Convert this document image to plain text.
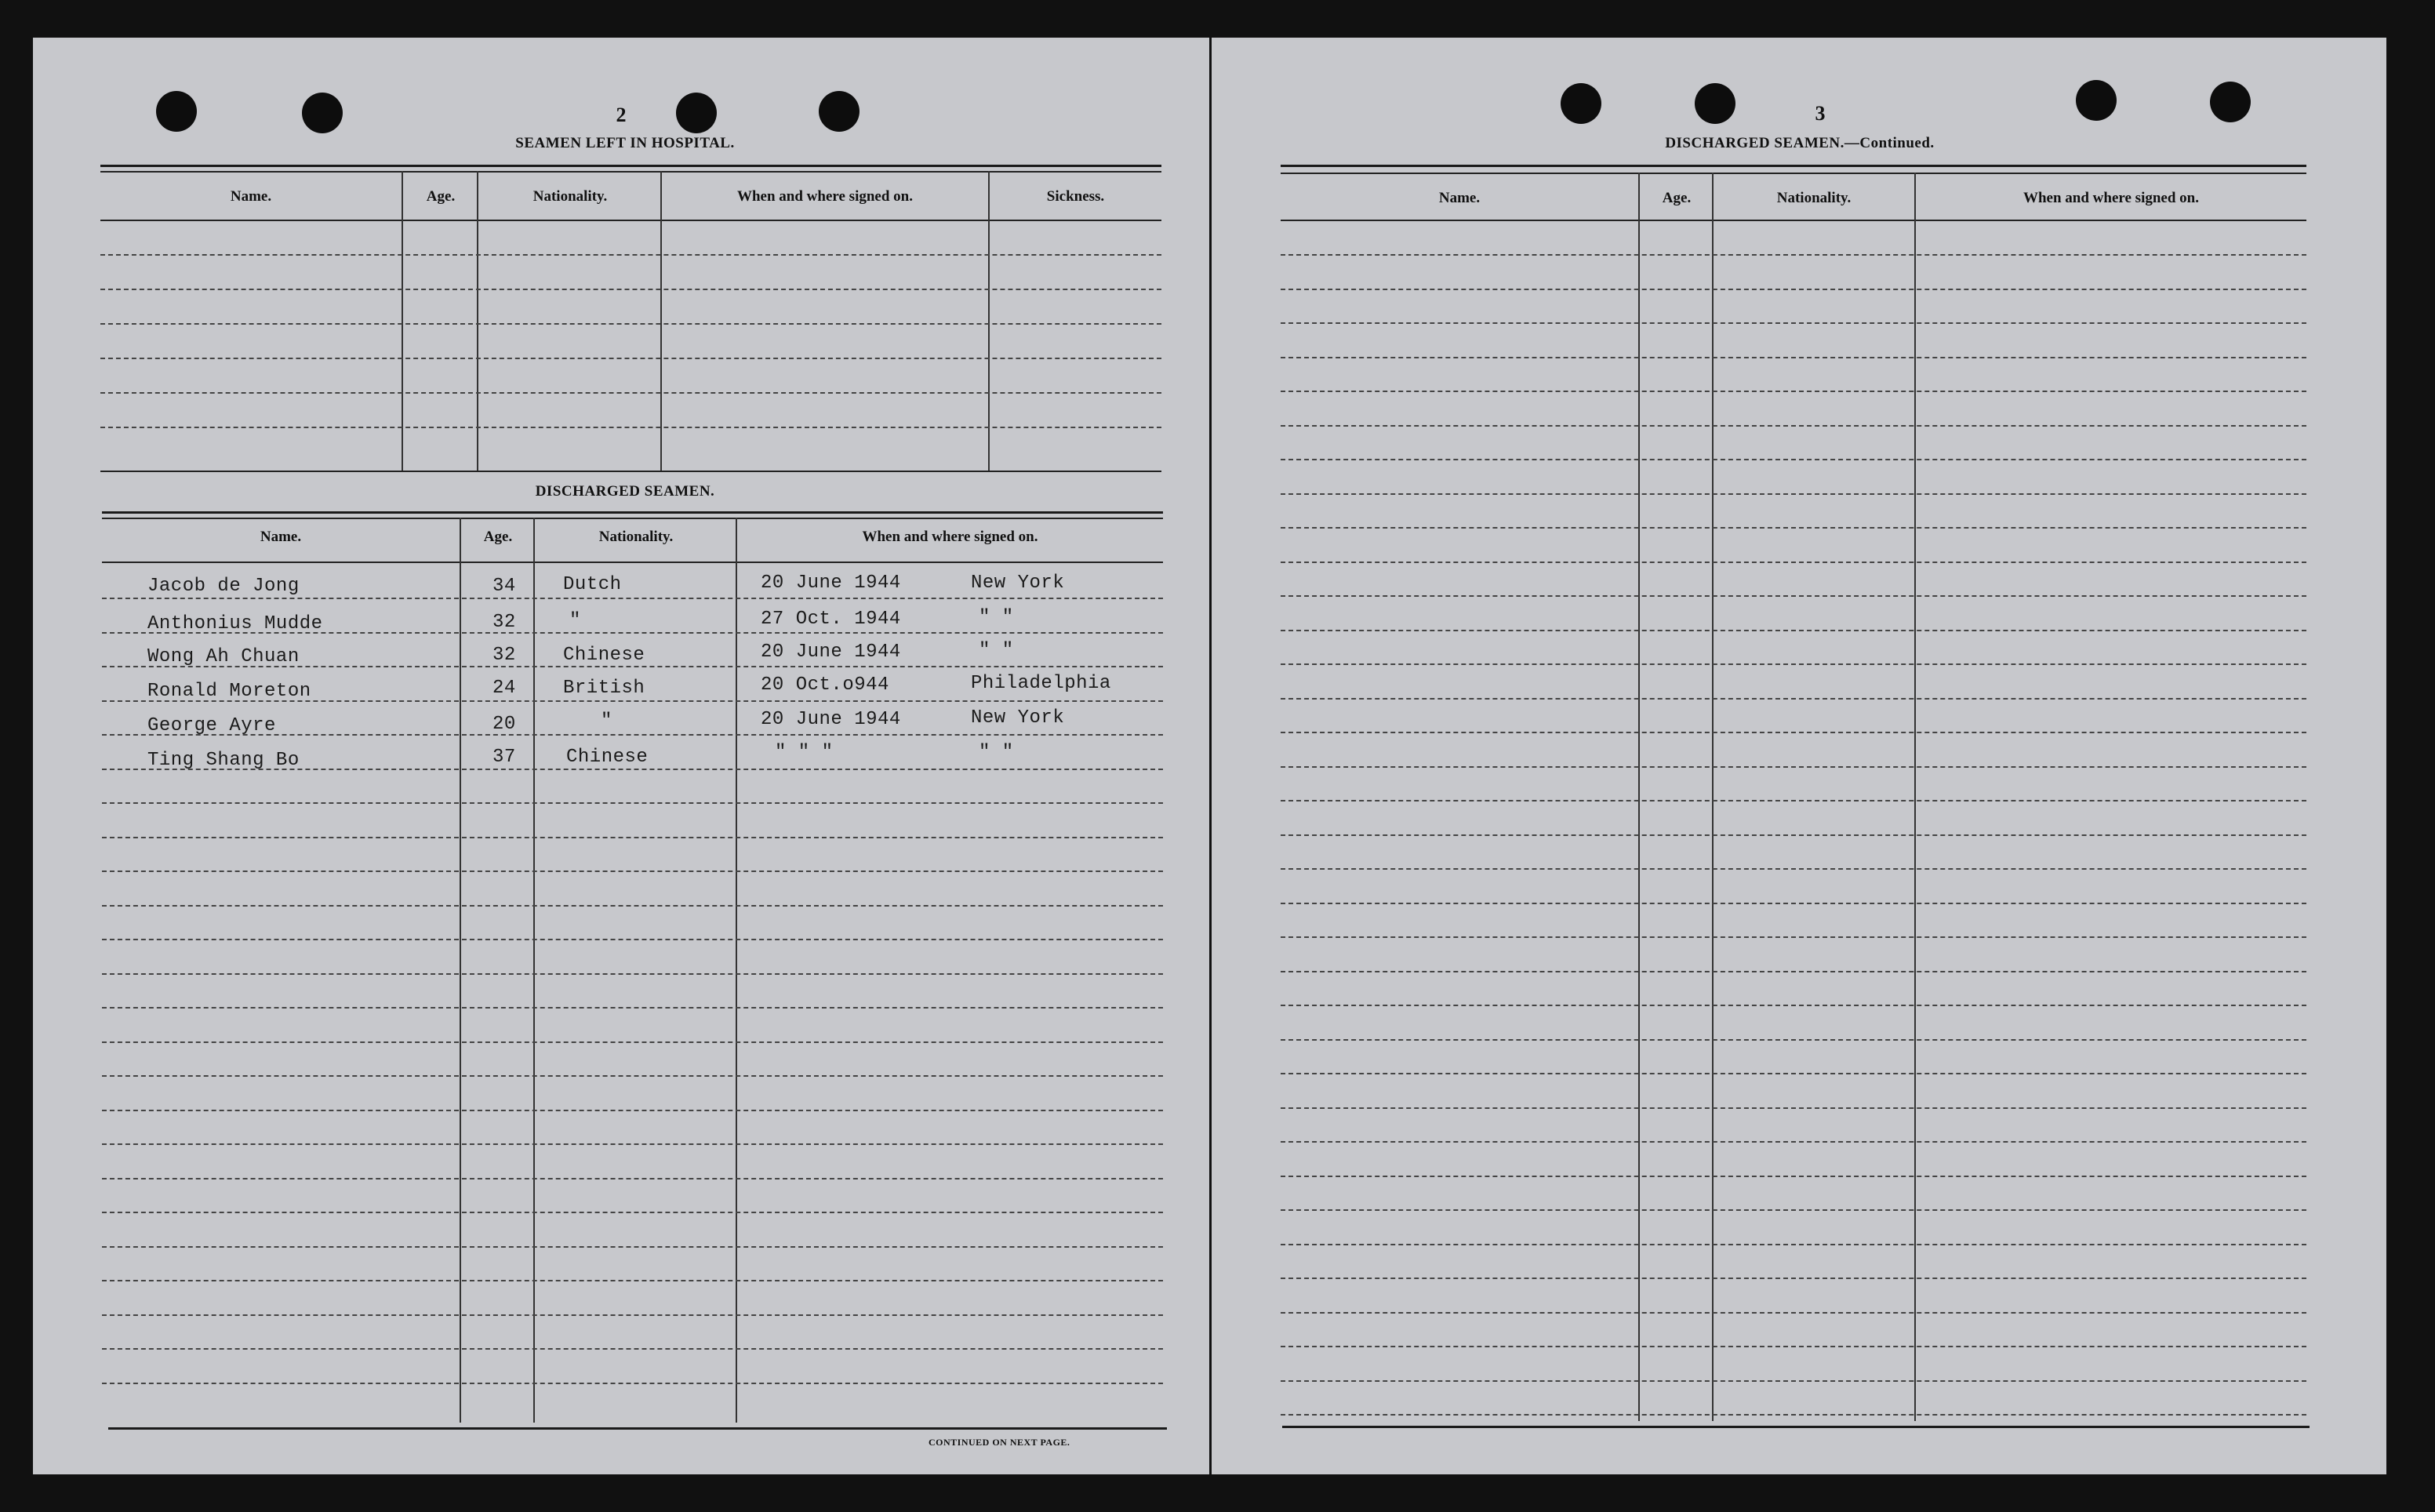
2
SEAMEN LEFT IN HOSPITAL.
Name.	Age.	Nationality.	When and where signed on.	Sickness.
DISCHARGED SEAMEN.
Name.	Age.	Nationality.	When and where signed on.
Jacob de Jong	34	Dutch	20 June 1944	New York
Anthonius Mudde	32	"	27 Oct. 1944	" "
Wong Ah Chuan	32	Chinese	20 June 1944	" "
Ronald Moreton	24	British	20 Oct.o944	Philadelphia
George Ayre	20	"	20 June 1944	New York
Ting Shang Bo	37	Chinese	" " "	" "
CONTINUED ON NEXT PAGE.
3
DISCHARGED SEAMEN.—Continued.
Name.	Age.	Nationality.	When and where signed on.
